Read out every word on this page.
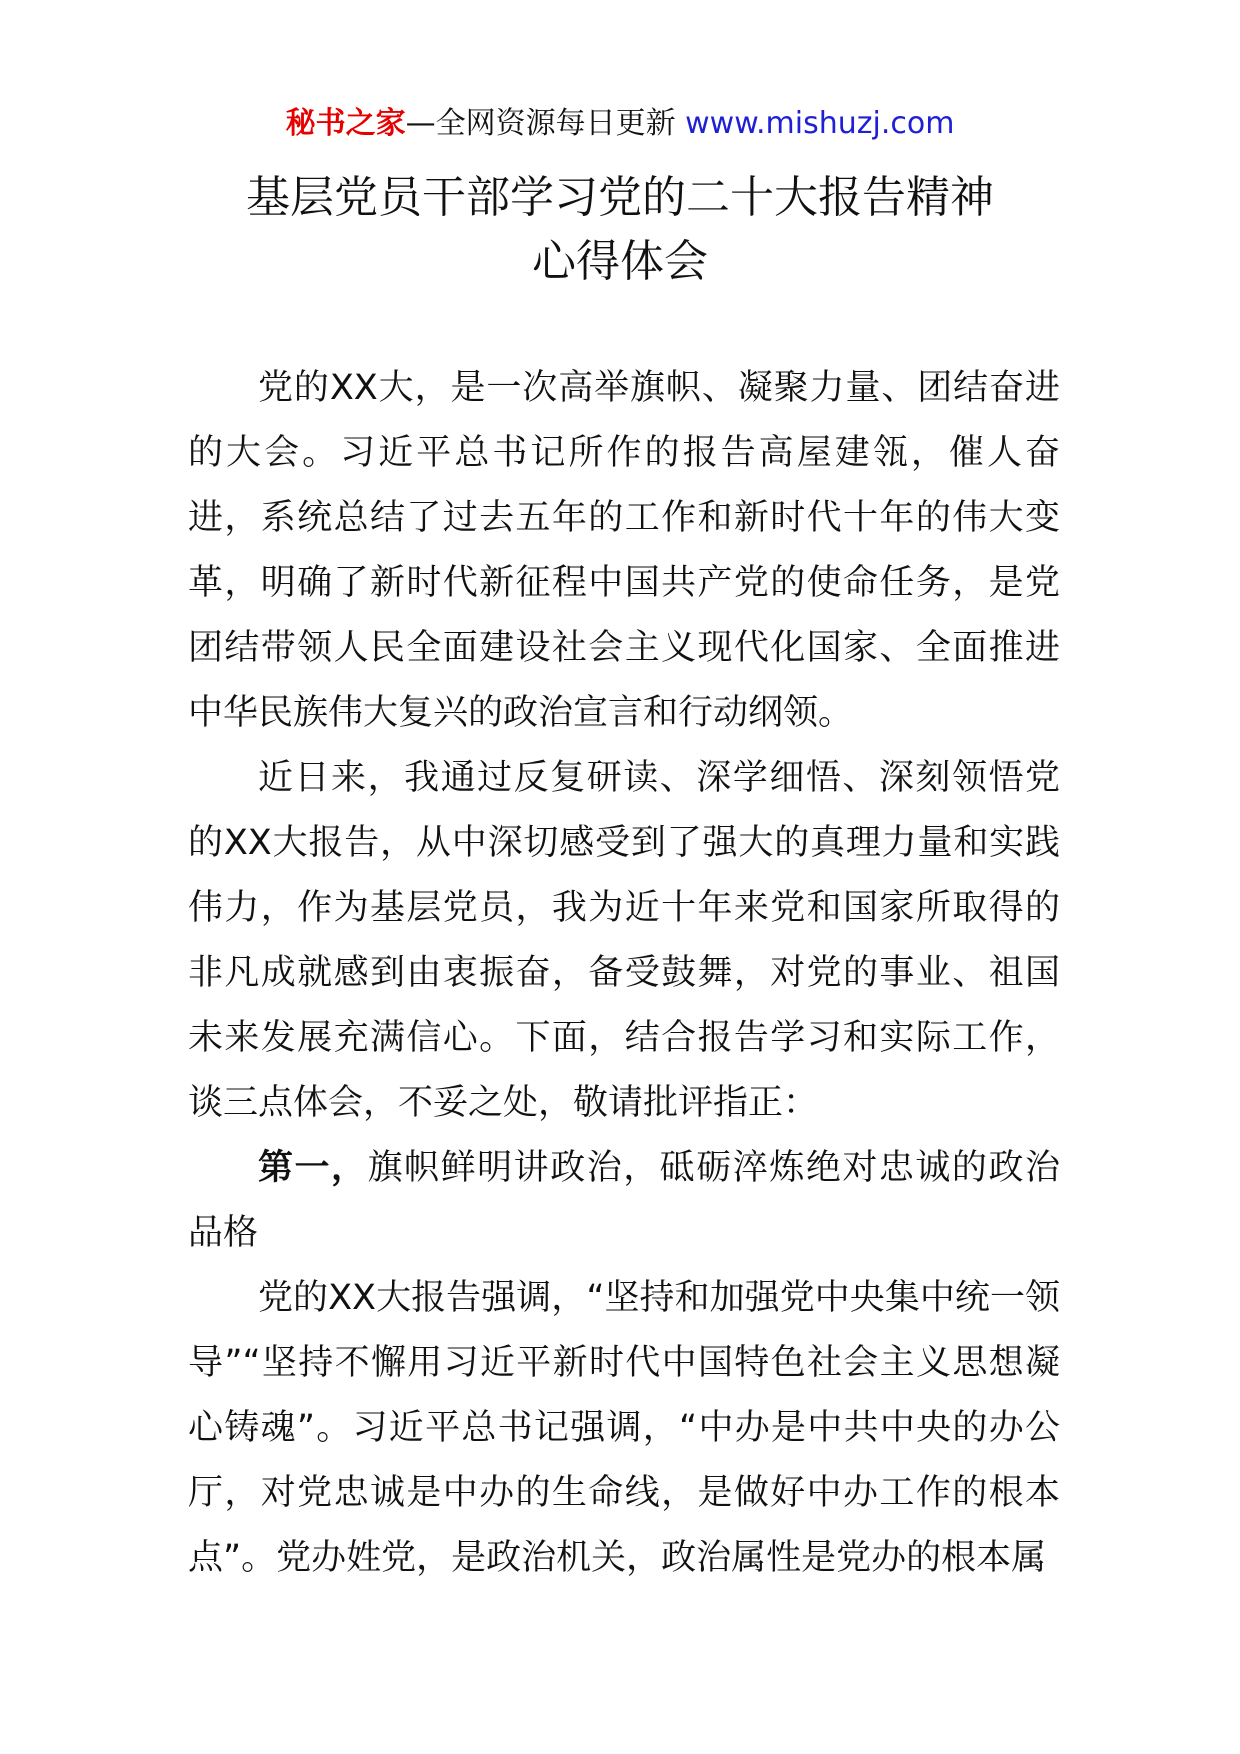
秘书之家—全网资源每日更新 www.mishuzj.com
基层党员干部学习党的二十大报告精神
心得体会

党的XX大，是一次高举旗帜、凝聚力量、团结奋进的大会。习近平总书记所作的报告高屋建瓴，催人奋进，系统总结了过去五年的工作和新时代十年的伟大变革，明确了新时代新征程中国共产党的使命任务，是党团结带领人民全面建设社会主义现代化国家、全面推进中华民族伟大复兴的政治宣言和行动纲领。

近日来，我通过反复研读、深学细悟、深刻领悟党的XX大报告，从中深切感受到了强大的真理力量和实践伟力，作为基层党员，我为近十年来党和国家所取得的非凡成就感到由衷振奋，备受鼓舞，对党的事业、祖国未来发展充满信心。下面，结合报告学习和实际工作，谈三点体会，不妥之处，敬请批评指正：

第一，旗帜鲜明讲政治，砥砺淬炼绝对忠诚的政治品格

党的XX大报告强调，“坚持和加强党中央集中统一领导”“坚持不懈用习近平新时代中国特色社会主义思想凝心铸魂”。习近平总书记强调，“中办是中共中央的办公厅，对党忠诚是中办的生命线，是做好中办工作的根本点”。党办姓党，是政治机关，政治属性是党办的根本属
